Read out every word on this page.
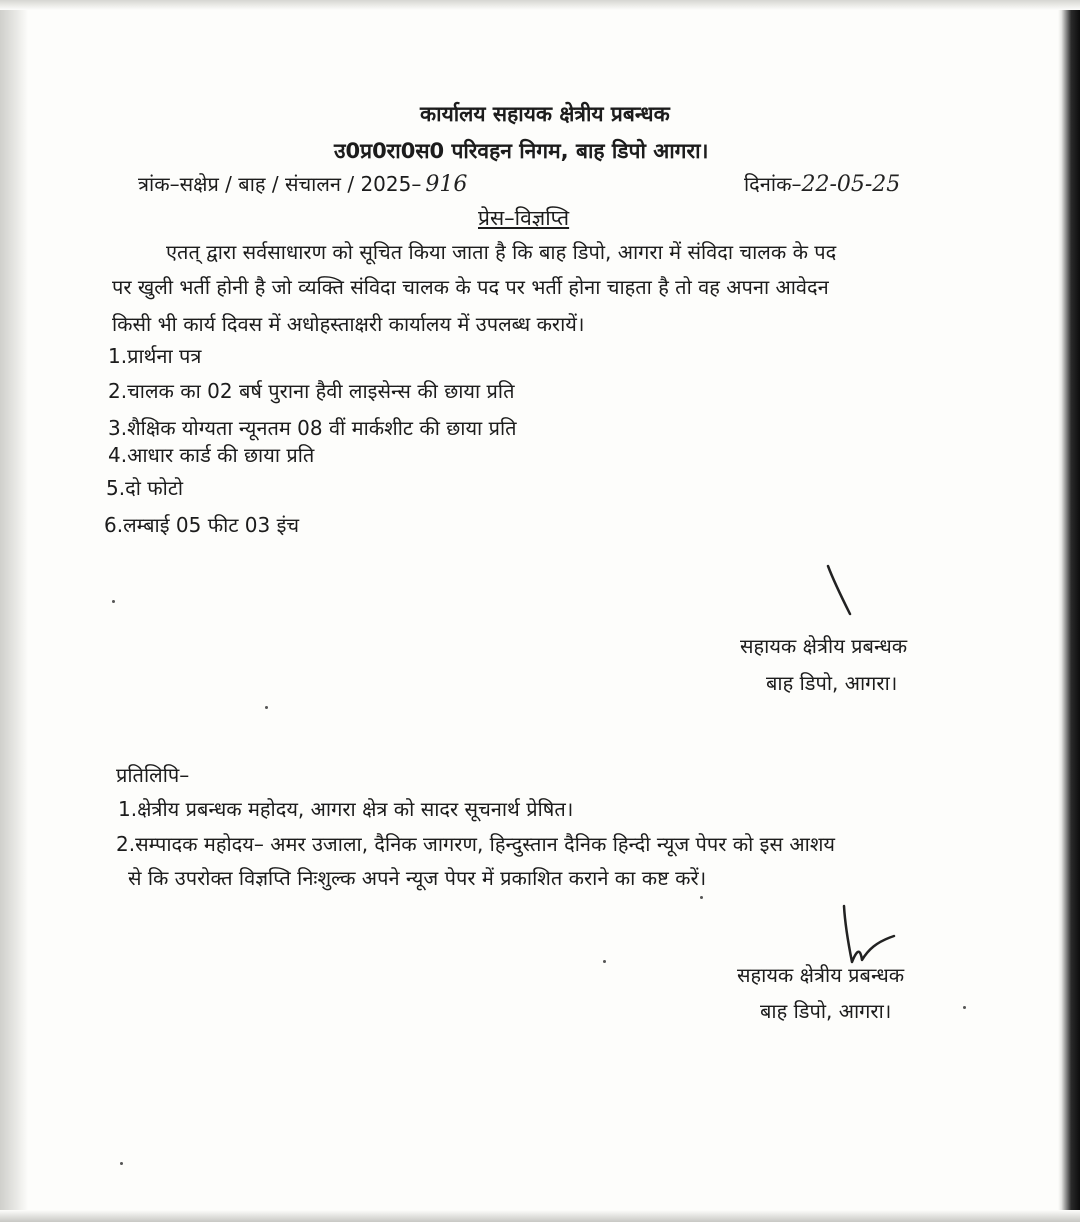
कार्यालय सहायक क्षेत्रीय प्रबन्धक
उ0प्र0रा0स0 परिवहन निगम, बाह डिपो आगरा।
त्रांक–सक्षेप्र / बाह / संचालन / 2025– 916	दिनांक–22-05-25
प्रेस–विज्ञप्ति
एतत् द्वारा सर्वसाधारण को सूचित किया जाता है कि बाह डिपो, आगरा में संविदा चालक के पद
पर खुली भर्ती होनी है जो व्यक्ति संविदा चालक के पद पर भर्ती होना चाहता है तो वह अपना आवेदन
किसी भी कार्य दिवस में अधोहस्ताक्षरी कार्यालय में उपलब्ध करायें।
1.प्रार्थना पत्र
2.चालक का 02 बर्ष पुराना हैवी लाइसेन्स की छाया प्रति
3.शैक्षिक योग्यता न्यूनतम 08 वीं मार्कशीट की छाया प्रति
4.आधार कार्ड की छाया प्रति
5.दो फोटो
6.लम्बाई 05 फीट 03 इंच
सहायक क्षेत्रीय प्रबन्धक
बाह डिपो, आगरा।
प्रतिलिपि–
1.क्षेत्रीय प्रबन्धक महोदय, आगरा क्षेत्र को सादर सूचनार्थ प्रेषित।
2.सम्पादक महोदय– अमर उजाला, दैनिक जागरण, हिन्दुस्तान दैनिक हिन्दी न्यूज पेपर को इस आशय
से कि उपरोक्त विज्ञप्ति निःशुल्क अपने न्यूज पेपर में प्रकाशित कराने का कष्ट करें।
सहायक क्षेत्रीय प्रबन्धक
बाह डिपो, आगरा।
